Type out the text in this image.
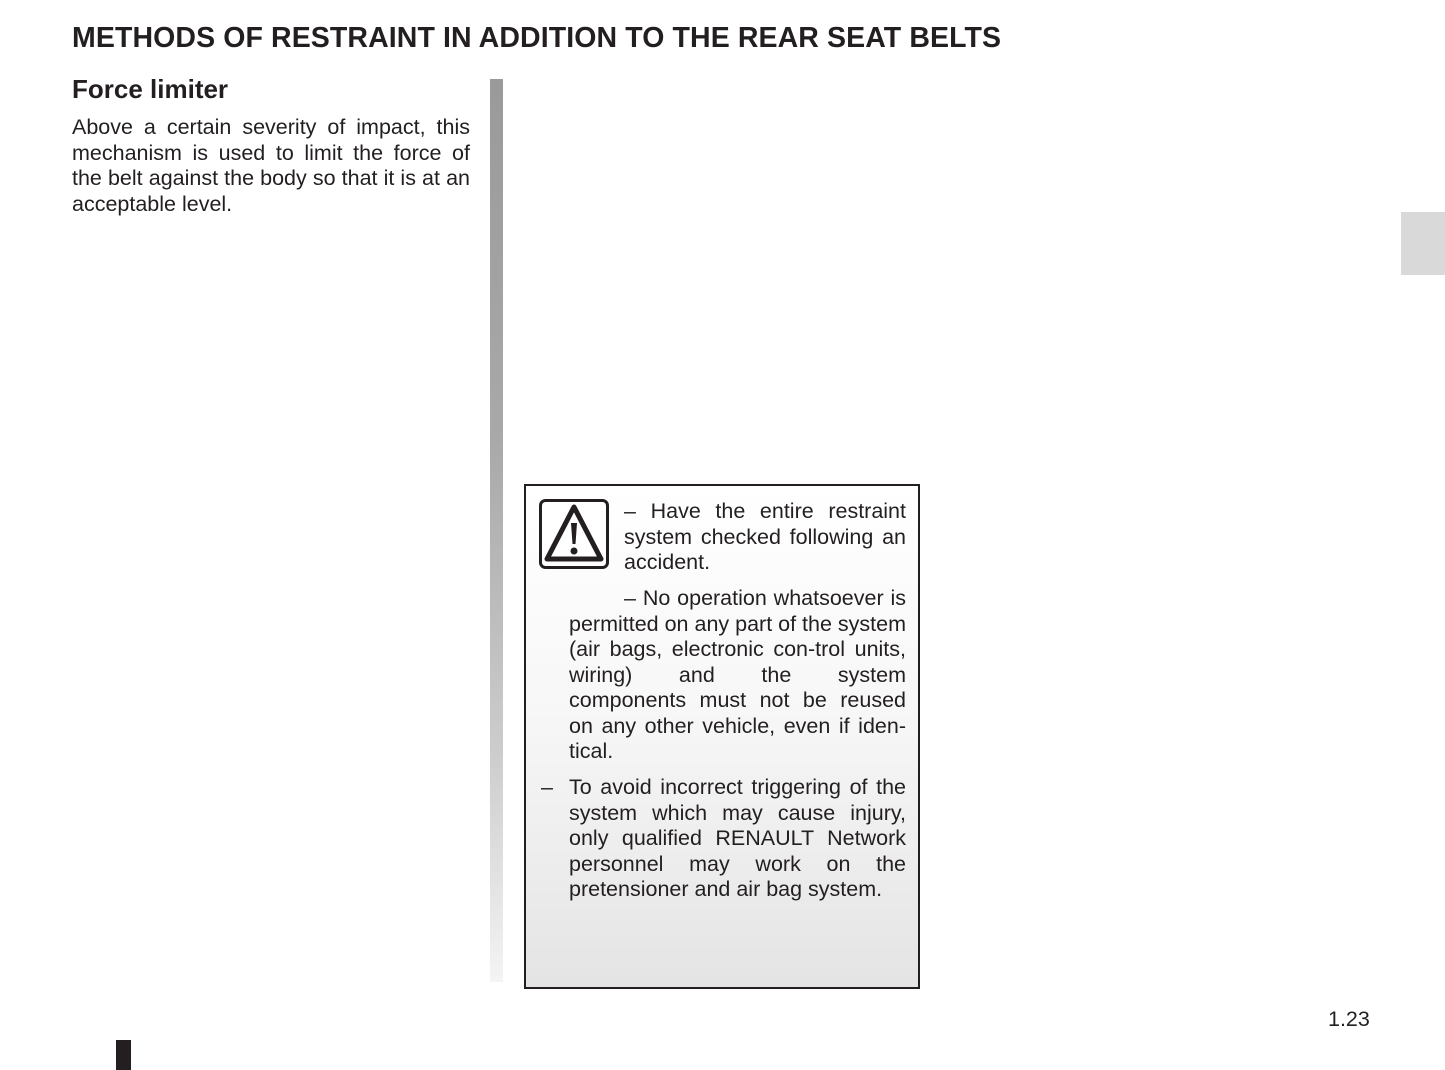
METHODS OF RESTRAINT IN ADDITION TO THE REAR SEAT BELTS
Force limiter

Above a certain severity of impact, this mechanism is used to limit the force of the belt against the body so that it is at an acceptable level.

– Have the entire restraint system checked following an accident.

– No operation whatsoever is permitted on any part of the system (air bags, electronic con-trol units, wiring) and the system components must not be reused on any other vehicle, even if iden-tical.

– To avoid incorrect triggering of the system which may cause injury, only qualified RENAULT Network personnel may work on the pretensioner and air bag system.

1.23
